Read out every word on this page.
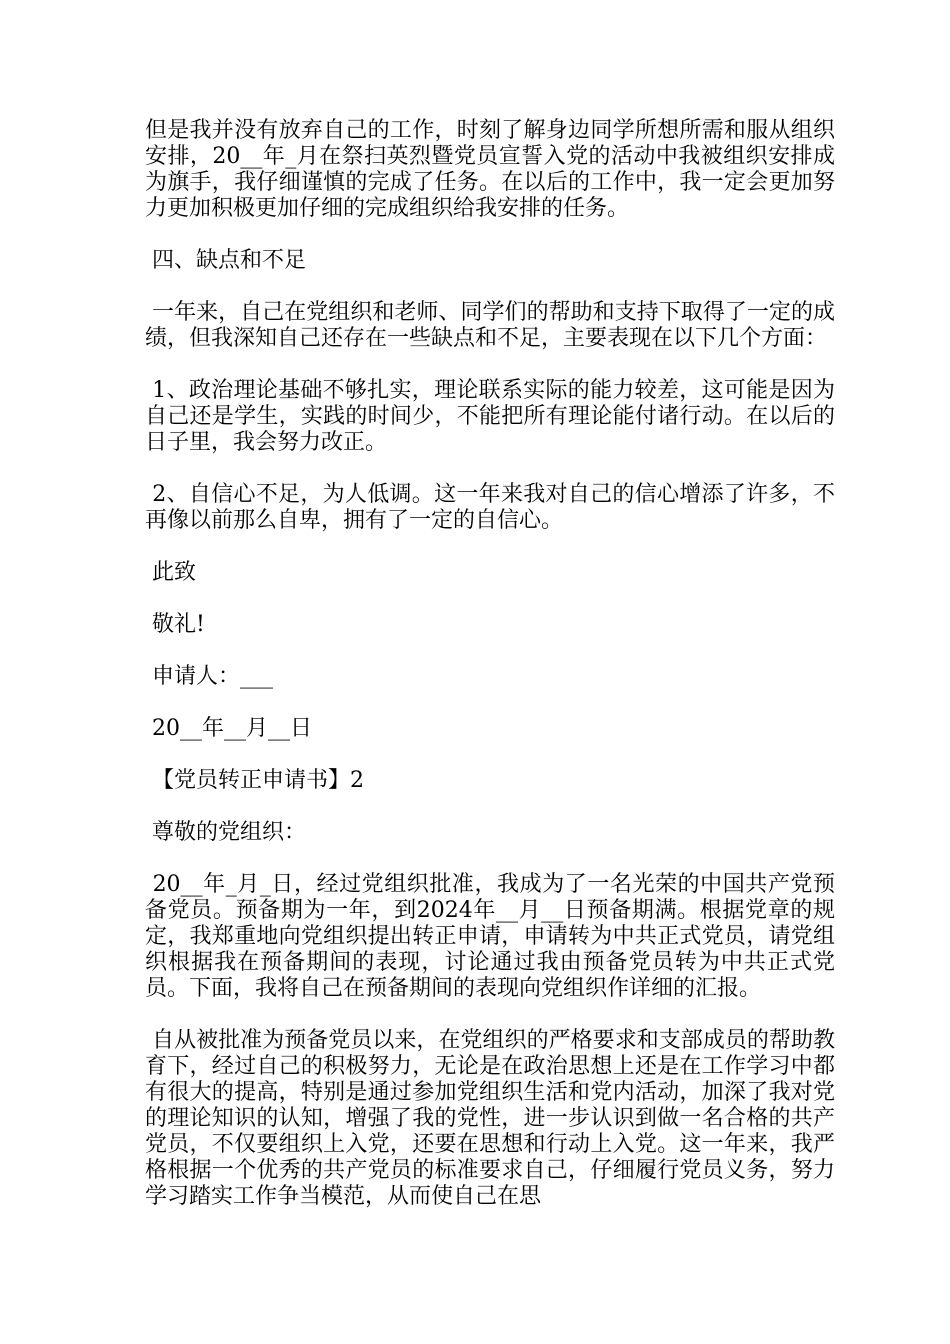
但是我并没有放弃自己的工作，时刻了解身边同学所想所需和服从组织安排，20__年_月在祭扫英烈暨党员宣誓入党的活动中我被组织安排成为旗手，我仔细谨慎的完成了任务。在以后的工作中，我一定会更加努力更加积极更加仔细的完成组织给我安排的任务。

四、缺点和不足

一年来，自己在党组织和老师、同学们的帮助和支持下取得了一定的成绩，但我深知自己还存在一些缺点和不足，主要表现在以下几个方面：

1、政治理论基础不够扎实，理论联系实际的能力较差，这可能是因为自己还是学生，实践的时间少，不能把所有理论能付诸行动。在以后的日子里，我会努力改正。

2、自信心不足，为人低调。这一年来我对自己的信心增添了许多，不再像以前那么自卑，拥有了一定的自信心。

此致

敬礼!

申请人：___

20__年__月__日

【党员转正申请书】2

尊敬的党组织：

20__年_月_日，经过党组织批准，我成为了一名光荣的中国共产党预备党员。预备期为一年，到2024年__月__日预备期满。根据党章的规定，我郑重地向党组织提出转正申请，申请转为中共正式党员，请党组织根据我在预备期间的表现，讨论通过我由预备党员转为中共正式党员。下面，我将自己在预备期间的表现向党组织作详细的汇报。

自从被批准为预备党员以来，在党组织的严格要求和支部成员的帮助教育下，经过自己的积极努力，无论是在政治思想上还是在工作学习中都有很大的提高，特别是通过参加党组织生活和党内活动，加深了我对党的理论知识的认知，增强了我的党性，进一步认识到做一名合格的共产党员，不仅要组织上入党，还要在思想和行动上入党。这一年来，我严格根据一个优秀的共产党员的标准要求自己，仔细履行党员义务，努力学习踏实工作争当模范，从而使自己在思
